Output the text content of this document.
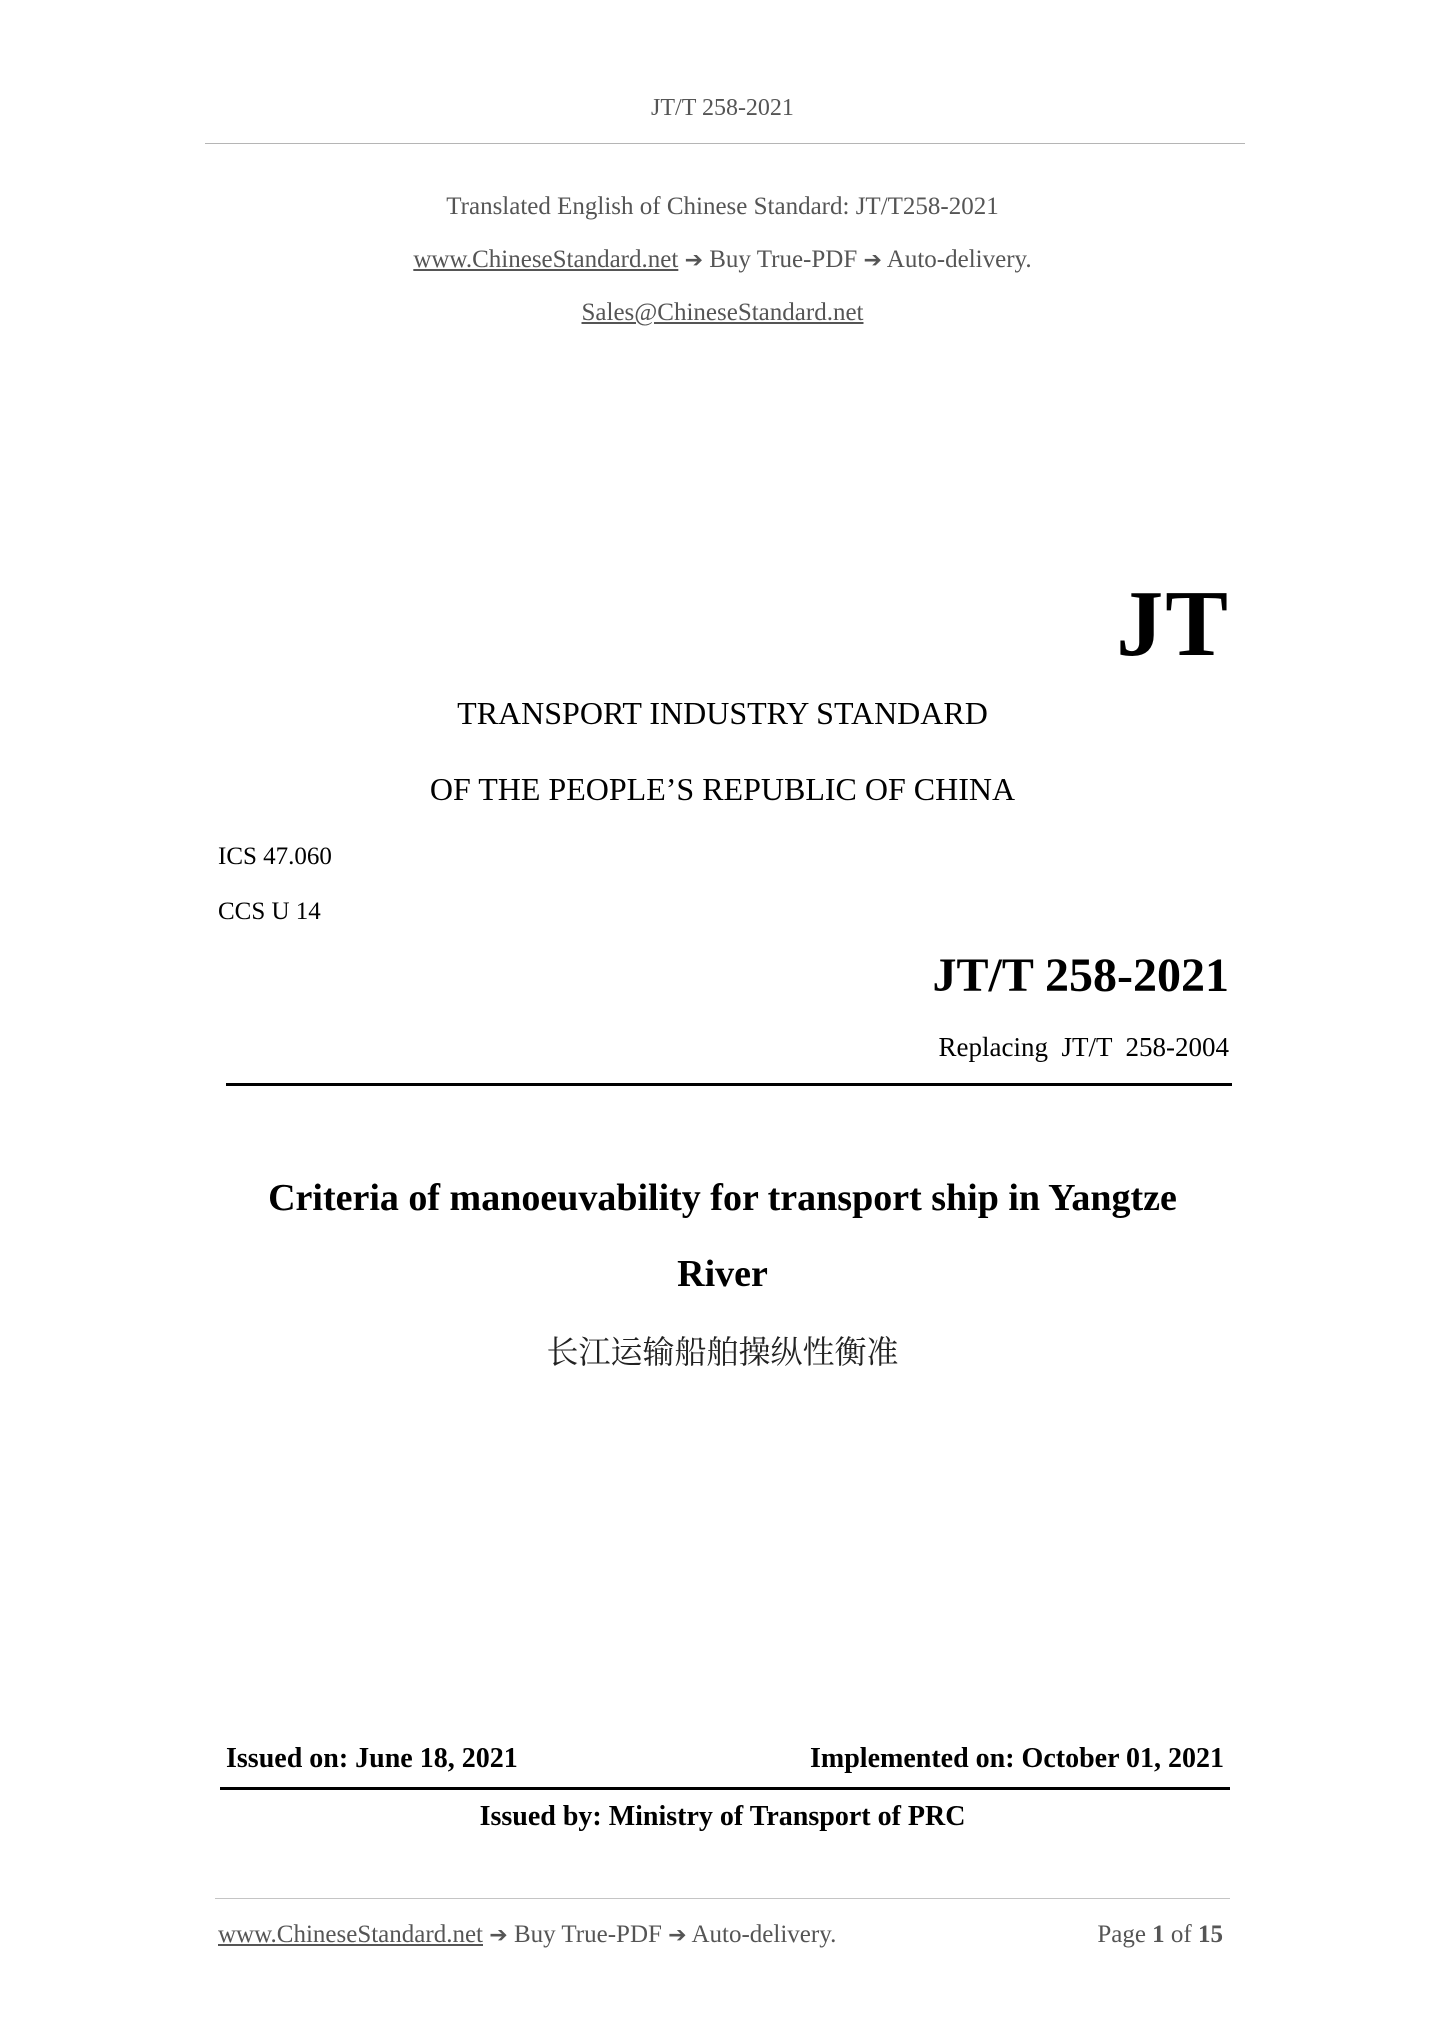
JT/T 258-2021
Translated English of Chinese Standard: JT/T258-2021
www.ChineseStandard.net ➔ Buy True-PDF ➔ Auto-delivery.
Sales@ChineseStandard.net
JT
TRANSPORT INDUSTRY STANDARD
OF THE PEOPLE’S REPUBLIC OF CHINA
ICS 47.060
CCS U 14
JT/T 258-2021
Replacing  JT/T  258-2004
Criteria of manoeuvability for transport ship in Yangtze
River
长江运输船舶操纵性衡准
Issued on: June 18, 2021	Implemented on: October 01, 2021
Issued by: Ministry of Transport of PRC
www.ChineseStandard.net ➔ Buy True-PDF ➔ Auto-delivery.	Page 1 of 15
